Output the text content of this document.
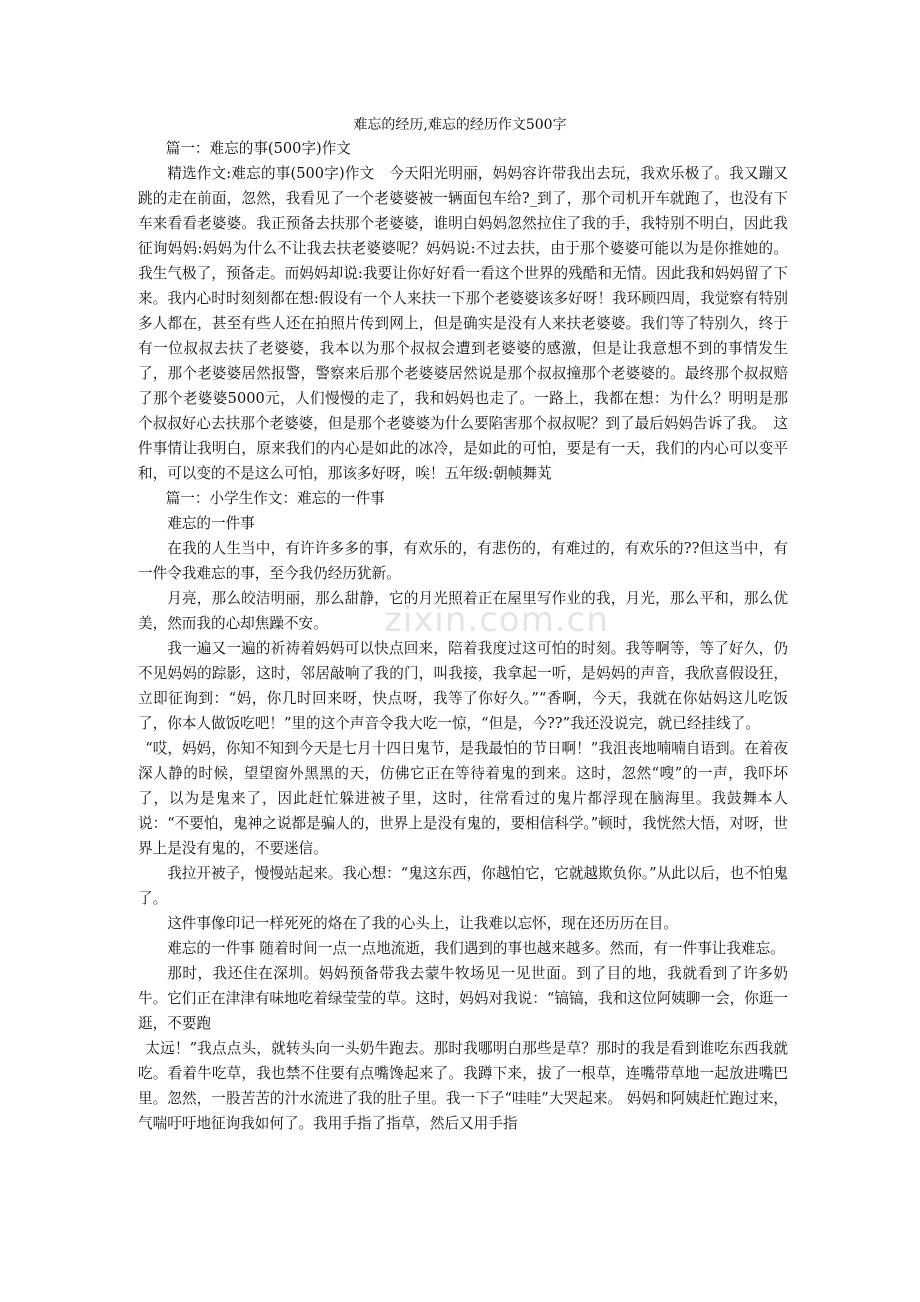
zixin.com.cn
难忘的经历,难忘的经历作文500字

篇一：难忘的事(500字)作文

精选作文:难忘的事(500字)作文　今天阳光明丽，妈妈容许带我出去玩，我欢乐极了。我又蹦又跳的走在前面，忽然，我看见了一个老婆婆被一辆面包车给?_到了，那个司机开车就跑了，也没有下车来看看老婆婆。我正预备去扶那个老婆婆，谁明白妈妈忽然拉住了我的手，我特别不明白，因此我征询妈妈:妈妈为什么不让我去扶老婆婆呢？妈妈说:不过去扶，由于那个婆婆可能以为是你推她的。我生气极了，预备走。而妈妈却说:我要让你好好看一看这个世界的残酷和无情。因此我和妈妈留了下来。我内心时时刻刻都在想:假设有一个人来扶一下那个老婆婆该多好呀！我环顾四周，我觉察有特别多人都在，甚至有些人还在拍照片传到网上，但是确实是没有人来扶老婆婆。我们等了特别久，终于有一位叔叔去扶了老婆婆，我本以为那个叔叔会遭到老婆婆的感激，但是让我意想不到的事情发生了，那个老婆婆居然报警，警察来后那个老婆婆居然说是那个叔叔撞那个老婆婆的。最终那个叔叔赔了那个老婆婆5000元，人们慢慢的走了，我和妈妈也走了。一路上，我都在想：为什么？明明是那个叔叔好心去扶那个老婆婆，但是那个老婆婆为什么要陷害那个叔叔呢？到了最后妈妈告诉了我。　这件事情让我明白，原来我们的内心是如此的冰冷，是如此的可怕，要是有一天，我们的内心可以变平和，可以变的不是这么可怕，那该多好呀，唉！五年级:朝帧舞芄

篇一：小学生作文：难忘的一件事

难忘的一件事

在我的人生当中，有许许多多的事，有欢乐的，有悲伤的，有难过的，有欢乐的??但这当中，有一件令我难忘的事，至今我仍经历犹新。

月亮，那么皎洁明丽，那么甜静，它的月光照着正在屋里写作业的我，月光，那么平和，那么优美，然而我的心却焦躁不安。

我一遍又一遍的祈祷着妈妈可以快点回来，陪着我度过这可怕的时刻。我等啊等，等了好久，仍不见妈妈的踪影，这时，邻居敲响了我的门，叫我接，我拿起一听，是妈妈的声音，我欣喜假设狂，立即征询到：“妈，你几时回来呀，快点呀，我等了你好久。”“香啊，今天，我就在你姑妈这儿吃饭了，你本人做饭吃吧！”里的这个声音令我大吃一惊，“但是，今??”我还没说完，就已经挂线了。

“哎，妈妈，你知不知到今天是七月十四日鬼节，是我最怕的节日啊！”我沮丧地喃喃自语到。在着夜深人静的时候，望望窗外黑黑的天，仿佛它正在等待着鬼的到来。这时，忽然“嗖”的一声，我吓坏了，以为是鬼来了，因此赶忙躲进被子里，这时，往常看过的鬼片都浮现在脑海里。我鼓舞本人说：“不要怕，鬼神之说都是骗人的，世界上是没有鬼的，要相信科学。”顿时，我恍然大悟，对呀，世界上是没有鬼的，不要迷信。

我拉开被子，慢慢站起来。我心想：“鬼这东西，你越怕它，它就越欺负你。”从此以后，也不怕鬼了。

这件事像印记一样死死的烙在了我的心头上，让我难以忘怀，现在还历历在目。

难忘的一件事 随着时间一点一点地流逝，我们遇到的事也越来越多。然而，有一件事让我难忘。

那时，我还住在深圳。妈妈预备带我去蒙牛牧场见一见世面。到了目的地，我就看到了许多奶牛。它们正在津津有味地吃着绿莹莹的草。这时，妈妈对我说：“镐镐，我和这位阿姨聊一会，你逛一逛，不要跑

太远！”我点点头，就转头向一头奶牛跑去。那时我哪明白那些是草？那时的我是看到谁吃东西我就吃。看着牛吃草，我也禁不住要有点嘴馋起来了。我蹲下来，拔了一根草，连嘴带草地一起放进嘴巴里。忽然，一股苦苦的汁水流进了我的肚子里。我一下子“哇哇”大哭起来。 妈妈和阿姨赶忙跑过来，气喘吁吁地征询我如何了。我用手指了指草，然后又用手指
